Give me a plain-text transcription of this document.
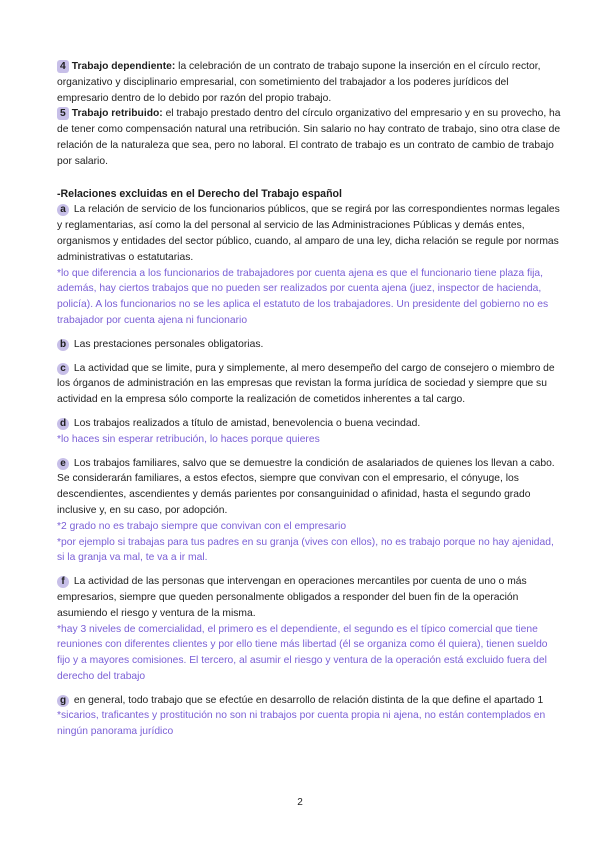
4 Trabajo dependiente: la celebración de un contrato de trabajo supone la inserción en el círculo rector, organizativo y disciplinario empresarial, con sometimiento del trabajador a los poderes jurídicos del empresario dentro de lo debido por razón del propio trabajo.

5 Trabajo retribuido: el trabajo prestado dentro del círculo organizativo del empresario y en su provecho, ha de tener como compensación natural una retribución. Sin salario no hay contrato de trabajo, sino otra clase de relación de la naturaleza que sea, pero no laboral. El contrato de trabajo es un contrato de cambio de trabajo por salario.

-Relaciones excluidas en el Derecho del Trabajo español

a La relación de servicio de los funcionarios públicos, que se regirá por las correspondientes normas legales y reglamentarias, así como la del personal al servicio de las Administraciones Públicas y demás entes, organismos y entidades del sector público, cuando, al amparo de una ley, dicha relación se regule por normas administrativas o estatutarias.

*lo que diferencia a los funcionarios de trabajadores por cuenta ajena es que el funcionario tiene plaza fija, además, hay ciertos trabajos que no pueden ser realizados por cuenta ajena (juez, inspector de hacienda, policía). A los funcionarios no se les aplica el estatuto de los trabajadores. Un presidente del gobierno no es trabajador por cuenta ajena ni funcionario

b Las prestaciones personales obligatorias.

c La actividad que se limite, pura y simplemente, al mero desempeño del cargo de consejero o miembro de los órganos de administración en las empresas que revistan la forma jurídica de sociedad y siempre que su actividad en la empresa sólo comporte la realización de cometidos inherentes a tal cargo.

d Los trabajos realizados a título de amistad, benevolencia o buena vecindad.

*lo haces sin esperar retribución, lo haces porque quieres

e Los trabajos familiares, salvo que se demuestre la condición de asalariados de quienes los llevan a cabo. Se considerarán familiares, a estos efectos, siempre que convivan con el empresario, el cónyuge, los descendientes, ascendientes y demás parientes por consanguinidad o afinidad, hasta el segundo grado inclusive y, en su caso, por adopción.

*2 grado no es trabajo siempre que convivan con el empresario

*por ejemplo si trabajas para tus padres en su granja (vives con ellos), no es trabajo porque no hay ajenidad, si la granja va mal, te va a ir mal.

f La actividad de las personas que intervengan en operaciones mercantiles por cuenta de uno o más empresarios, siempre que queden personalmente obligados a responder del buen fin de la operación asumiendo el riesgo y ventura de la misma.

*hay 3 niveles de comercialidad, el primero es el dependiente, el segundo es el típico comercial que tiene reuniones con diferentes clientes y por ello tiene más libertad (él se organiza como él quiera), tienen sueldo fijo y a mayores comisiones. El tercero, al asumir el riesgo y ventura de la operación está excluido fuera del derecho del trabajo

g en general, todo trabajo que se efectúe en desarrollo de relación distinta de la que define el apartado 1

*sicarios, traficantes y prostitución no son ni trabajos por cuenta propia ni ajena, no están contemplados en ningún panorama jurídico

2
